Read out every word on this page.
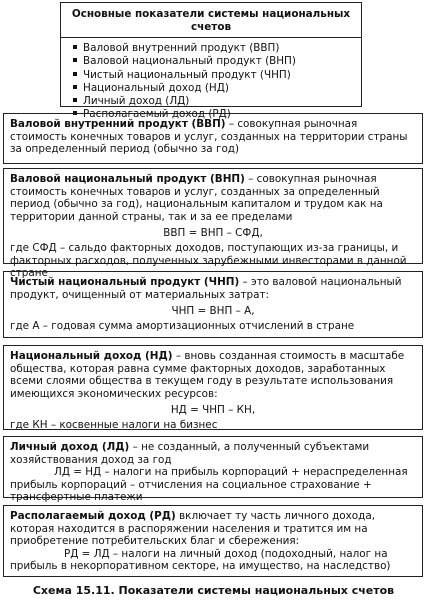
Основные показатели системы национальных счетов
Валовой внутренний продукт (ВВП)
Валовой национальный продукт (ВНП)
Чистый национальный продукт (ЧНП)
Национальный доход (НД)
Личный доход (ЛД)
Располагаемый доход (РД)

Валовой внутренний продукт (ВВП) – совокупная рыночная стоимость конечных товаров и услуг, созданных на территории страны за определенный период (обычно за год)

Валовой национальный продукт (ВНП) – совокупная рыночная стоимость конечных товаров и услуг, созданных за определенный период (обычно за год), национальным капиталом и трудом как на территории данной страны, так и за ее пределами

ВВП = ВНП – СФД,

где СФД – сальдо факторных доходов, поступающих из-за границы, и факторных расходов, полученных зарубежными инвесторами в данной стране

Чистый национальный продукт (ЧНП) – это валовой национальный продукт, очищенный от материальных затрат:

ЧНП = ВНП – А,

где А – годовая сумма амортизационных отчислений в стране

Национальный доход (НД) – вновь созданная стоимость в масштабе общества, которая равна сумме факторных доходов, заработанных всеми слоями общества в текущем году в результате использования имеющихся экономических ресурсов:

НД = ЧНП – КН,

где КН – косвенные налоги на бизнес

Личный доход (ЛД) – не созданный, а полученный субъектами хозяйствования доход за год

ЛД = НД – налоги на прибыль корпораций + нераспределенная прибыль корпораций – отчисления на социальное страхование + трансфертные платежи

Располагаемый доход (РД) включает ту часть личного дохода, которая находится в распоряжении населения и тратится им на приобретение потребительских благ и сбережения:

РД = ЛД – налоги на личный доход (подоходный, налог на прибыль в некорпоративном секторе, на имущество, на наследство)

Схема 15.11. Показатели системы национальных счетов
